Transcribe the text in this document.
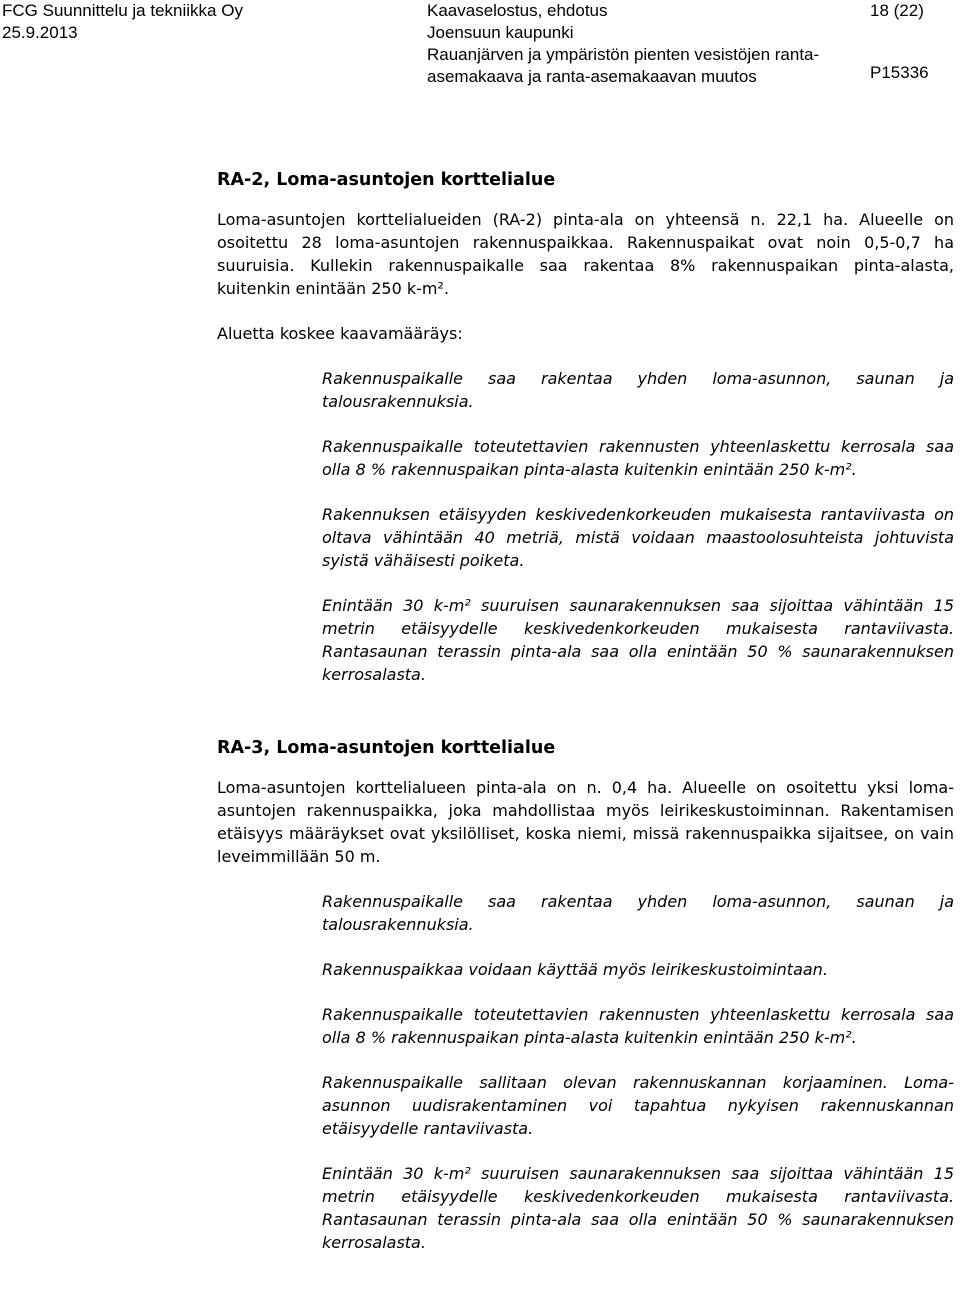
FCG Suunnittelu ja tekniikka Oy
25.9.2013
Kaavaselostus, ehdotus
Joensuun kaupunki
Rauanjärven ja ympäristön pienten vesistöjen ranta-
asemakaava ja ranta-asemakaavan muutos
18 (22)
P15336
RA-2, Loma-asuntojen korttelialue

Loma-asuntojen korttelialueiden (RA-2) pinta-ala on yhteensä n. 22,1 ha. Alueelle on osoitettu 28 loma-asuntojen rakennuspaikkaa. Rakennuspaikat ovat noin 0,5-0,7 ha suuruisia. Kullekin rakennuspaikalle saa rakentaa 8% rakennuspaikan pinta-alasta, kuitenkin enintään 250 k-m².

Aluetta koskee kaavamääräys:

Rakennuspaikalle saa rakentaa yhden loma-asunnon, saunan ja talousrakennuksia.

Rakennuspaikalle toteutettavien rakennusten yhteenlaskettu kerrosala saa olla 8 % rakennuspaikan pinta-alasta kuitenkin enintään 250 k-m².

Rakennuksen etäisyyden keskivedenkorkeuden mukaisesta rantaviivasta on oltava vähintään 40 metriä, mistä voidaan maastoolosuhteista johtuvista syistä vähäisesti poiketa.

Enintään 30 k-m² suuruisen saunarakennuksen saa sijoittaa vähintään 15 metrin etäisyydelle keskivedenkorkeuden mukaisesta rantaviivasta. Rantasaunan terassin pinta-ala saa olla enintään 50 % saunarakennuksen kerrosalasta.

RA-3, Loma-asuntojen korttelialue

Loma-asuntojen korttelialueen pinta-ala on n. 0,4 ha. Alueelle on osoitettu yksi loma-asuntojen rakennuspaikka, joka mahdollistaa myös leirikeskustoiminnan. Rakentamisen etäisyys määräykset ovat yksilölliset, koska niemi, missä rakennuspaikka sijaitsee, on vain leveimmillään 50 m.

Rakennuspaikalle saa rakentaa yhden loma-asunnon, saunan ja talousrakennuksia.

Rakennuspaikkaa voidaan käyttää myös leirikeskustoimintaan.

Rakennuspaikalle toteutettavien rakennusten yhteenlaskettu kerrosala saa olla 8 % rakennuspaikan pinta-alasta kuitenkin enintään 250 k-m².

Rakennuspaikalle sallitaan olevan rakennuskannan korjaaminen. Loma-asunnon uudisrakentaminen voi tapahtua nykyisen rakennuskannan etäisyydelle rantaviivasta.

Enintään 30 k-m² suuruisen saunarakennuksen saa sijoittaa vähintään 15 metrin etäisyydelle keskivedenkorkeuden mukaisesta rantaviivasta. Rantasaunan terassin pinta-ala saa olla enintään 50 % saunarakennuksen kerrosalasta.
